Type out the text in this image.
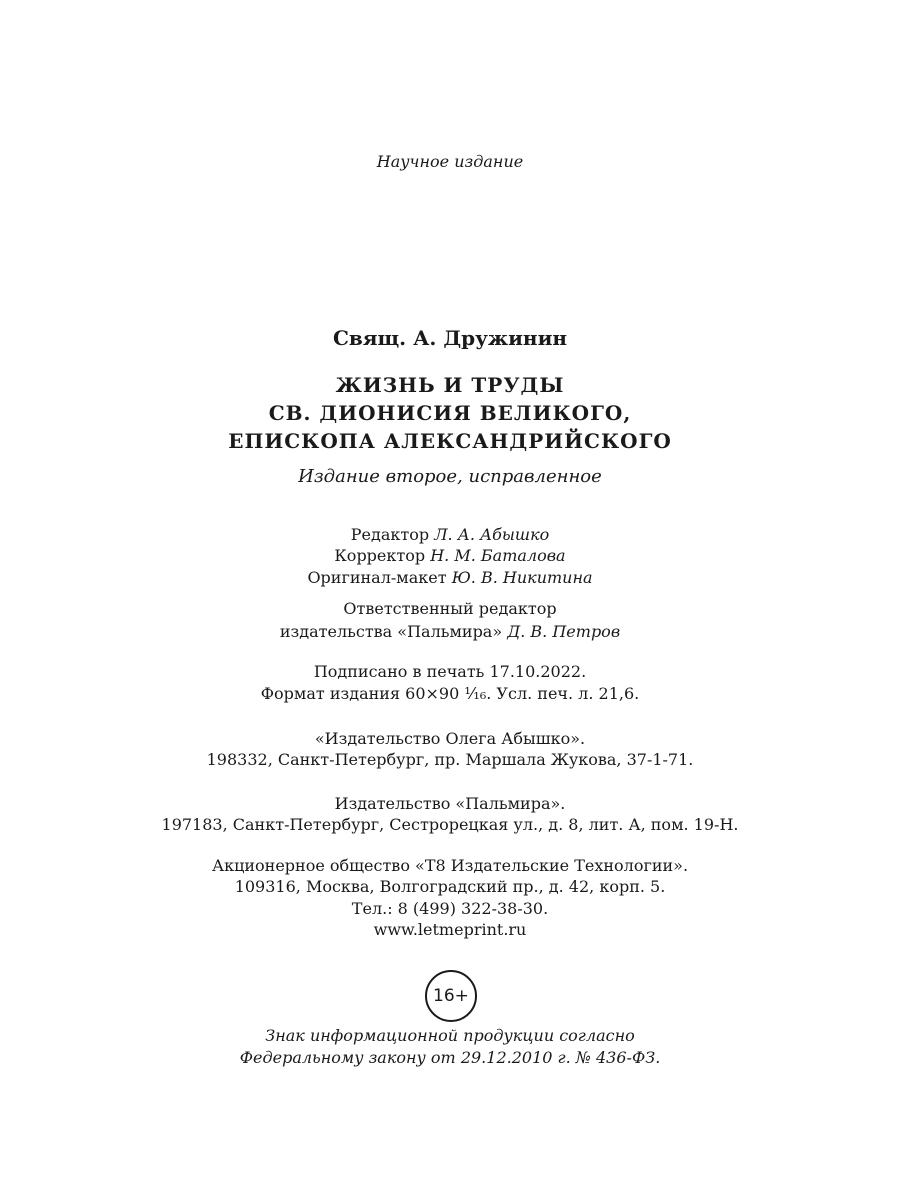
Научное издание
Свящ. А. Дружинин
ЖИЗНЬ И ТРУДЫ
СВ. ДИОНИСИЯ ВЕЛИКОГО,
ЕПИСКОПА АЛЕКСАНДРИЙСКОГО
Издание второе, исправленное
Редактор Л. А. Абышко
Корректор Н. М. Баталова
Оригинал-макет Ю. В. Никитина
Ответственный редактор
издательства «Пальмира» Д. В. Петров
Подписано в печать 17.10.2022.
Формат издания 60×90 ¹⁄₁₆. Усл. печ. л. 21,6.
«Издательство Олега Абышко».
198332, Санкт-Петербург, пр. Маршала Жукова, 37-1-71.
Издательство «Пальмира».
197183, Санкт-Петербург, Сестрорецкая ул., д. 8, лит. А, пом. 19-Н.
Акционерное общество «Т8 Издательские Технологии».
109316, Москва, Волгоградский пр., д. 42, корп. 5.
Тел.: 8 (499) 322-38-30.
www.letmeprint.ru
16+
Знак информационной продукции согласно
Федеральному закону от 29.12.2010 г. № 436-ФЗ.
